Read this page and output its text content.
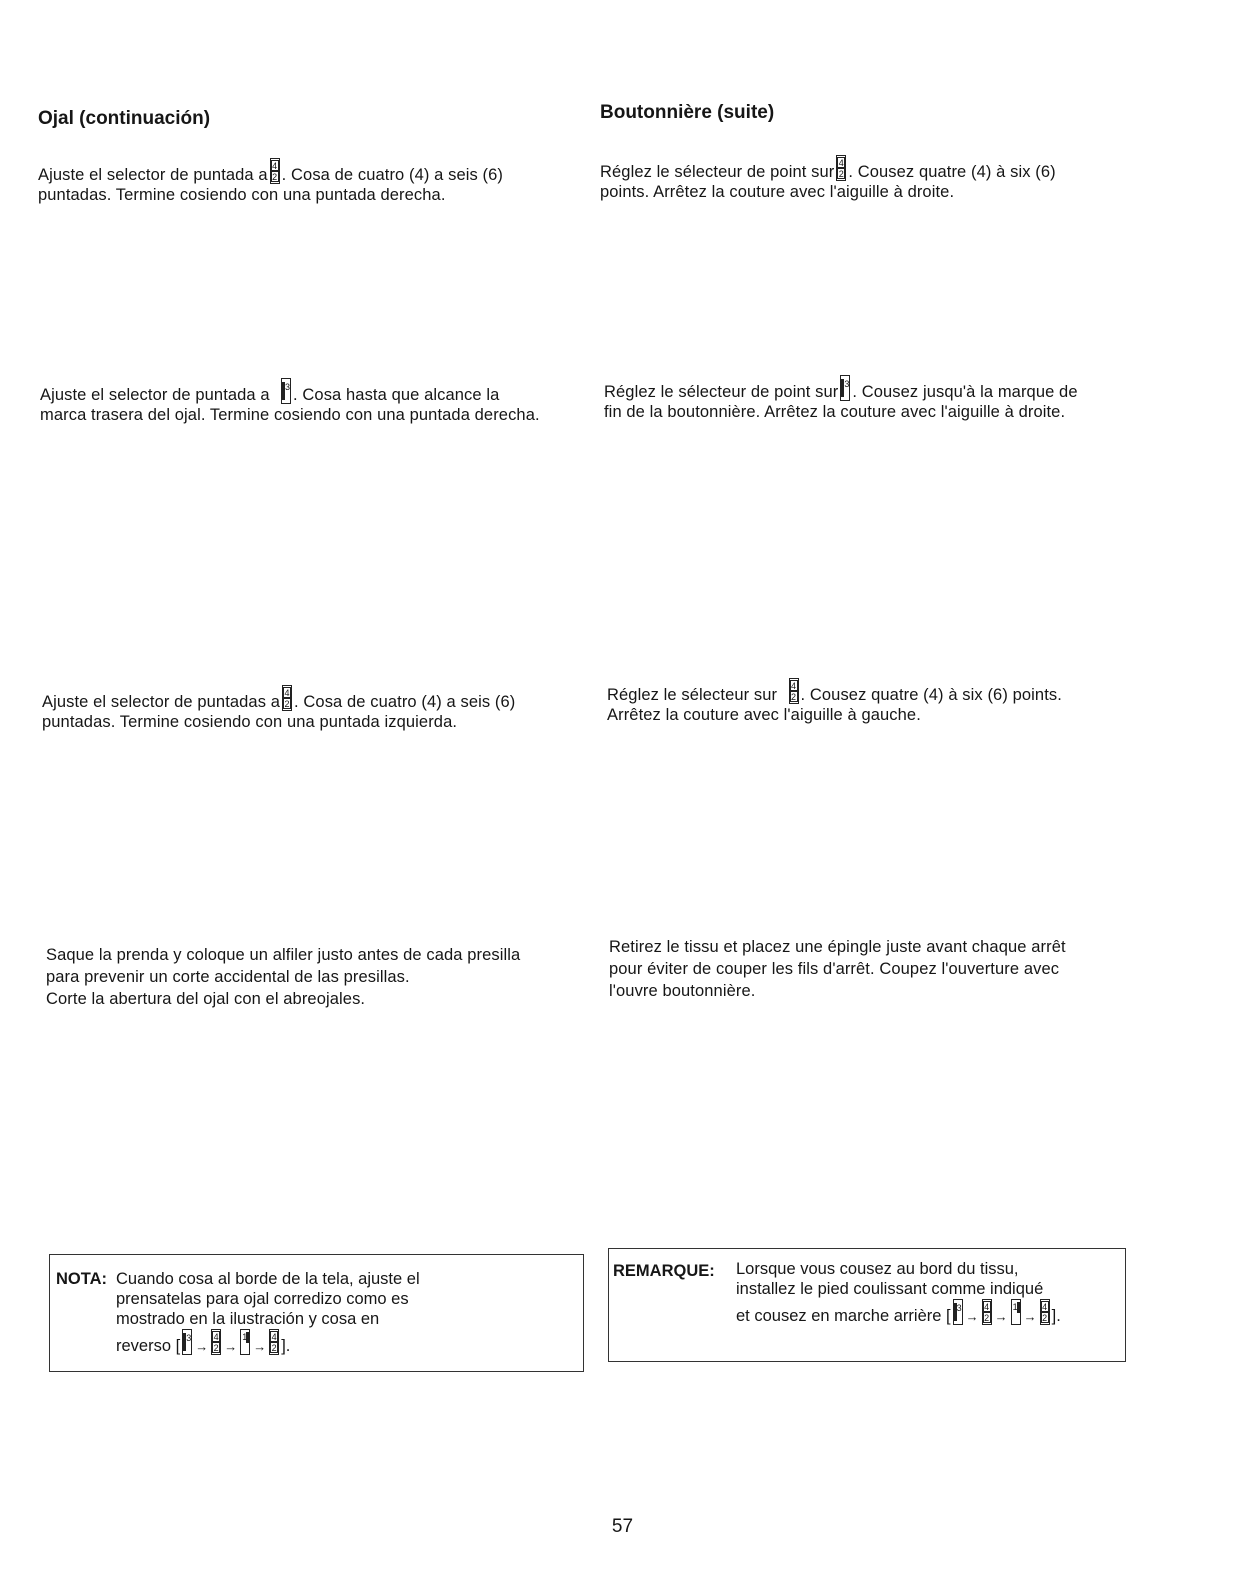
Ojal (continuación)
Ajuste el selector de puntada a $\frac{4}{2}$ . Cosa de cuatro (4) a seis (6)
puntadas. Termine cosiendo con una puntada derecha.
Ajuste el selector de puntada a	3 . Cosa hasta que alcance la
marca trasera del ojal. Termine cosiendo con una puntada derecha.
Ajuste el selector de puntadas a $\frac{4}{2}$ . Cosa de cuatro (4) a seis (6)
puntadas. Termine cosiendo con una puntada izquierda.
Saque la prenda y coloque un alfiler justo antes de cada presilla
para prevenir un corte accidental de las presillas.
Corte la abertura del ojal con el abreojales.
NOTA: Cuando cosa al borde de la tela, ajuste el
prensatelas para ojal corredizo como es
mostrado en la ilustración y cosa en
reverso [ 3
→ $\frac{4}{2}$ →
1
→ $\frac{4}{2}$ ].
Boutonnière (suite)
Réglez le sélecteur de point sur $\frac{4}{2}$ . Cousez quatre (4) à six (6)
points. Arrêtez la couture avec l'aiguille à droite.
Réglez le sélecteur de point sur 3 . Cousez jusqu'à la marque de
fin de la boutonnière. Arrêtez la couture avec l'aiguille à droite.
Réglez le sélecteur sur $\frac{4}{2}$ . Cousez quatre (4) à six (6) points.
Arrêtez la couture avec l'aiguille à gauche.
Retirez le tissu et placez une épingle juste avant chaque arrêt
pour éviter de couper les fils d'arrêt. Coupez l'ouverture avec
l'ouvre boutonnière.
REMARQUE: Lorsque vous cousez au bord du tissu,
installez le pied coulissant comme indiqué
et cousez en marche arrière [ 3
→ $\frac{4}{2}$ →
1
→ $\frac{4}{2}$ ].
57
